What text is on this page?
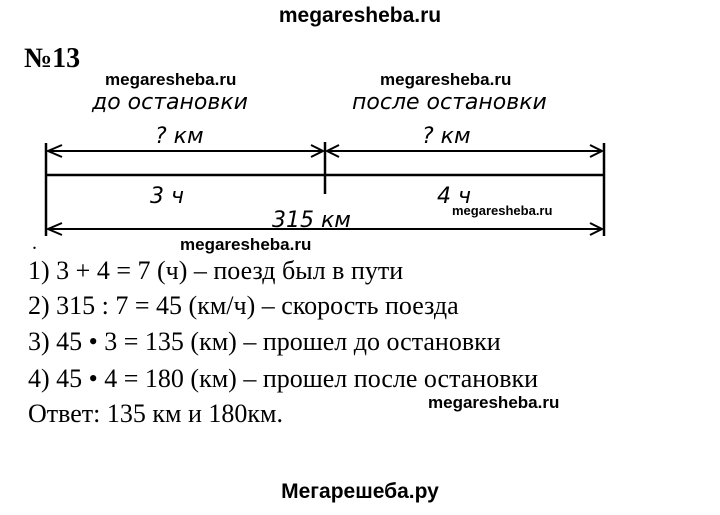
megaresheba.ru
megaresheba.ru	megaresheba.ru
megaresheba.ru
megaresheba.ru
megaresheba.ru
№13
до остановки	после остановки
? км	? км
3 ч	4 ч
315 км
.
1) 3 + 4 = 7 (ч) – поезд был в пути
2) 315 : 7 = 45 (км/ч) – скорость поезда
3) 45 • 3 = 135 (км) – прошел до остановки
4) 45 • 4 = 180 (км) – прошел после остановки
Ответ: 135 км и 180км.
Мегарешеба.ру
